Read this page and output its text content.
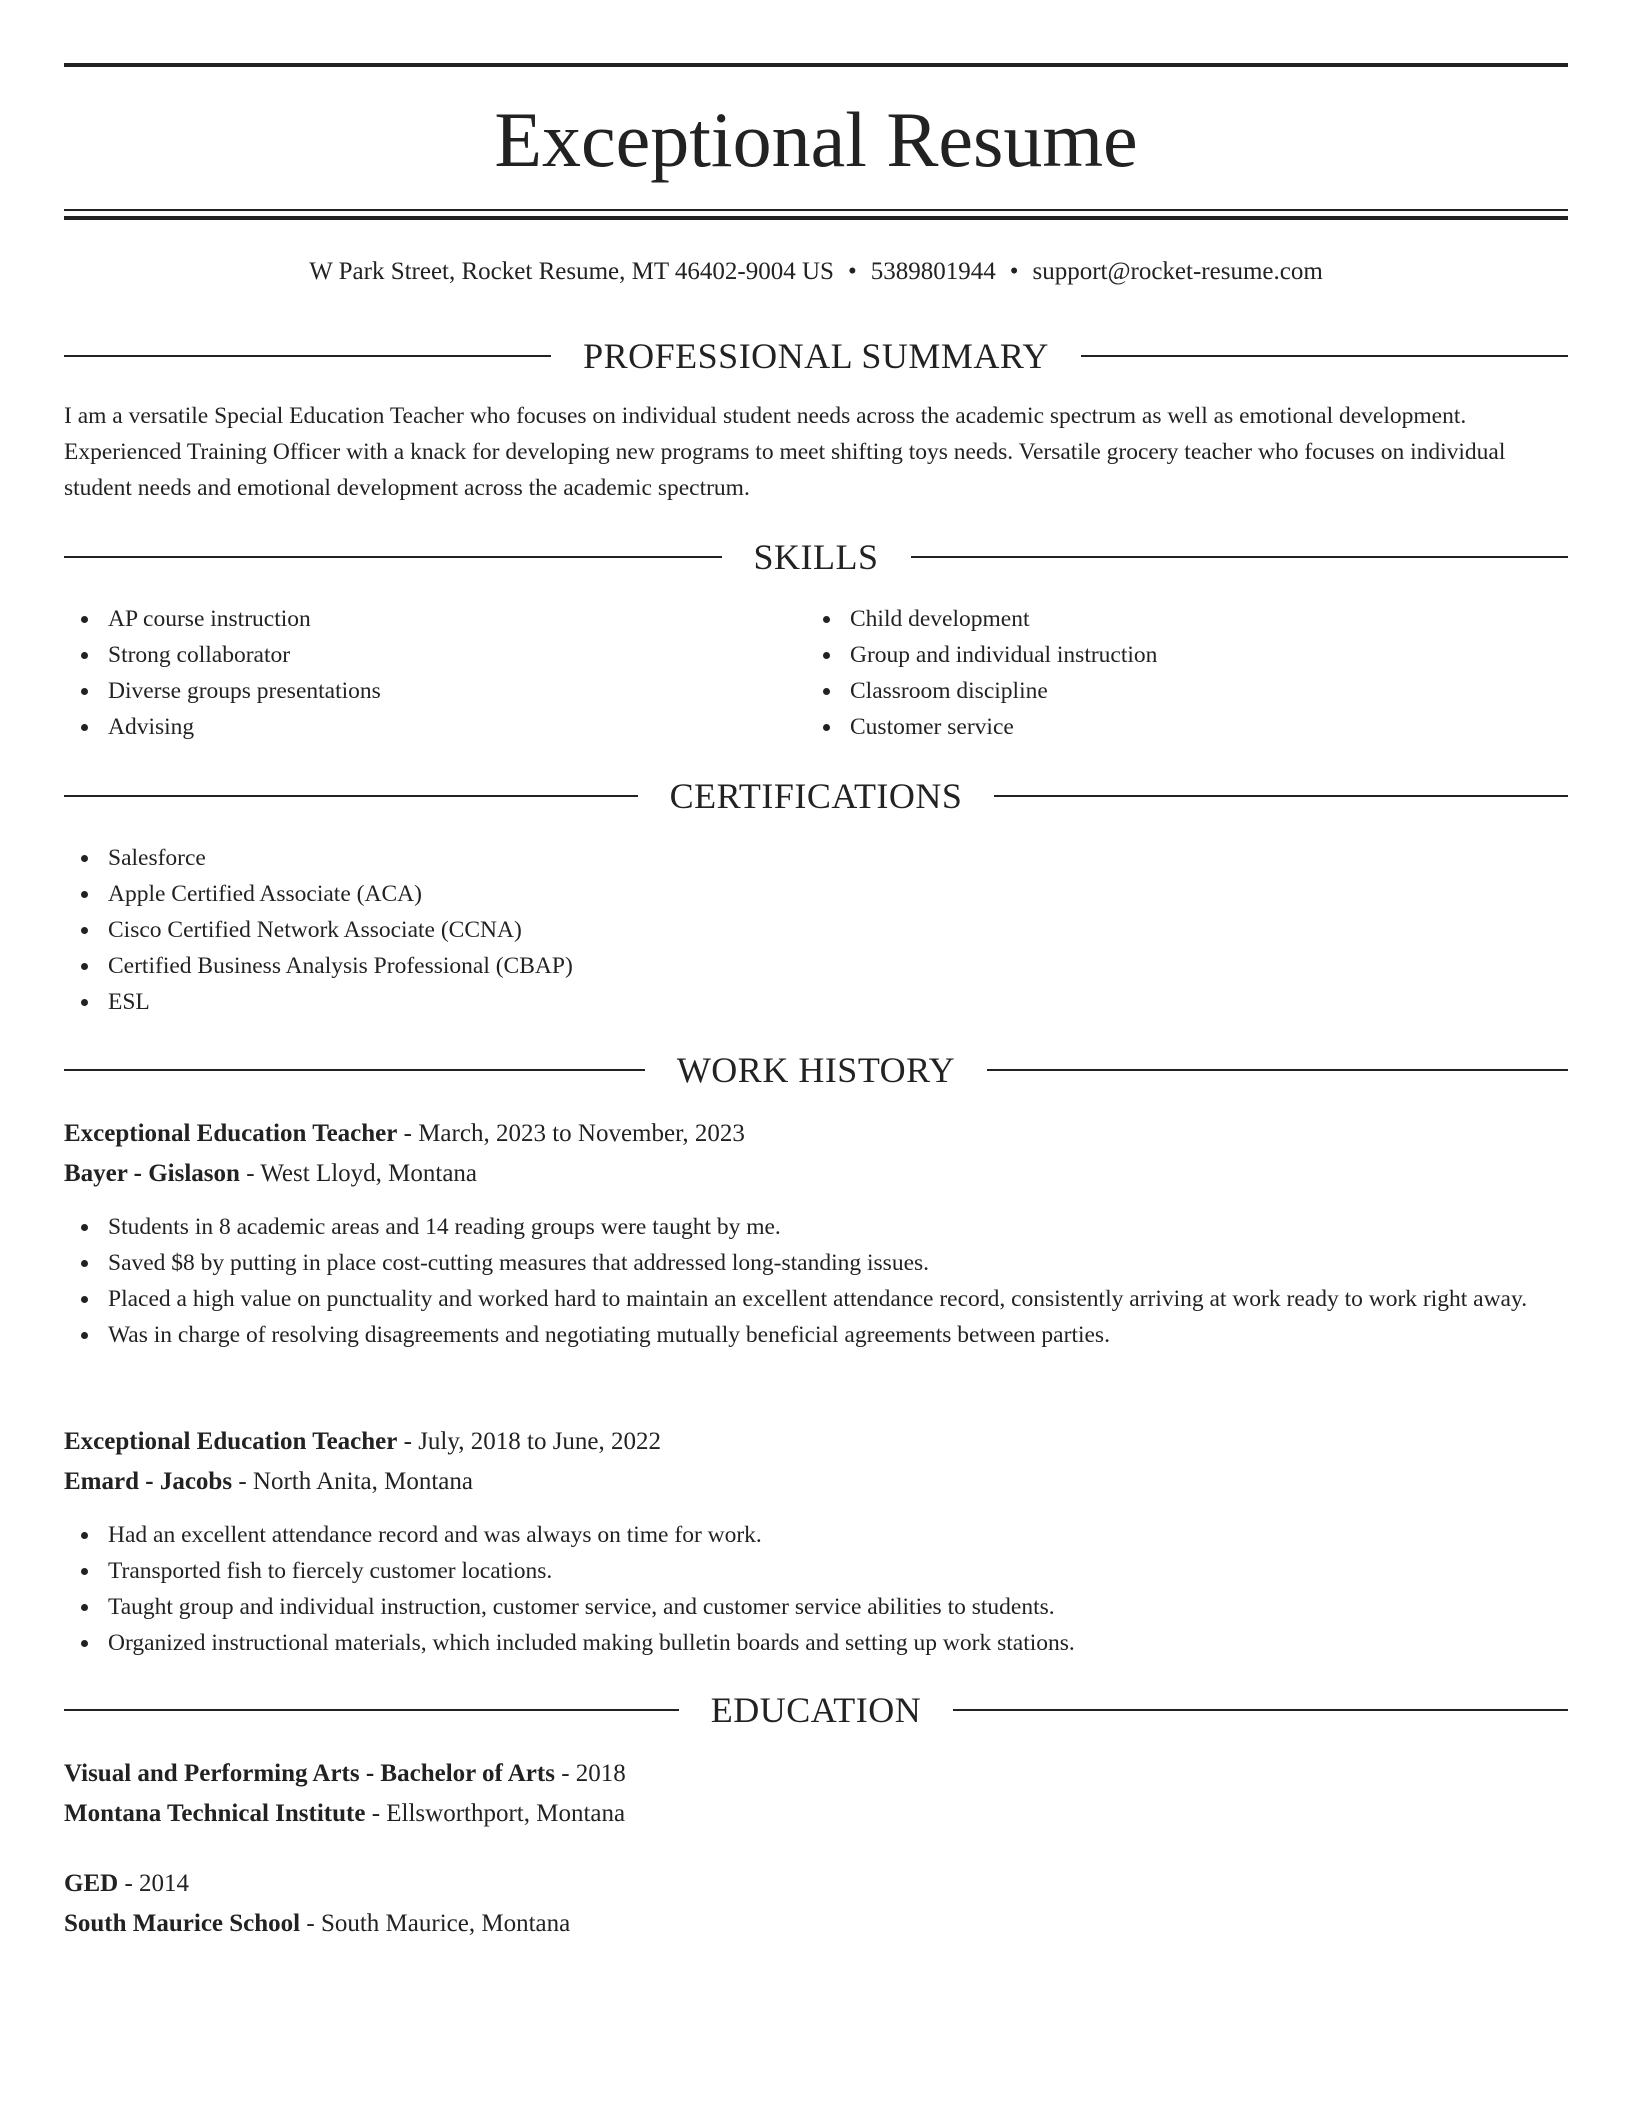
Exceptional Resume
W Park Street, Rocket Resume, MT 46402-9004 US • 5389801944 • support@rocket-resume.com
PROFESSIONAL SUMMARY
I am a versatile Special Education Teacher who focuses on individual student needs across the academic spectrum as well as emotional development. Experienced Training Officer with a knack for developing new programs to meet shifting toys needs. Versatile grocery teacher who focuses on individual student needs and emotional development across the academic spectrum.
SKILLS
AP course instruction
Strong collaborator
Diverse groups presentations
Advising
Child development
Group and individual instruction
Classroom discipline
Customer service
CERTIFICATIONS
Salesforce
Apple Certified Associate (ACA)
Cisco Certified Network Associate (CCNA)
Certified Business Analysis Professional (CBAP)
ESL
WORK HISTORY
Exceptional Education Teacher - March, 2023 to November, 2023
Bayer - Gislason - West Lloyd, Montana
Students in 8 academic areas and 14 reading groups were taught by me.
Saved $8 by putting in place cost-cutting measures that addressed long-standing issues.
Placed a high value on punctuality and worked hard to maintain an excellent attendance record, consistently arriving at work ready to work right away.
Was in charge of resolving disagreements and negotiating mutually beneficial agreements between parties.
Exceptional Education Teacher - July, 2018 to June, 2022
Emard - Jacobs - North Anita, Montana
Had an excellent attendance record and was always on time for work.
Transported fish to fiercely customer locations.
Taught group and individual instruction, customer service, and customer service abilities to students.
Organized instructional materials, which included making bulletin boards and setting up work stations.
EDUCATION
Visual and Performing Arts - Bachelor of Arts - 2018
Montana Technical Institute - Ellsworthport, Montana
GED - 2014
South Maurice School - South Maurice, Montana
